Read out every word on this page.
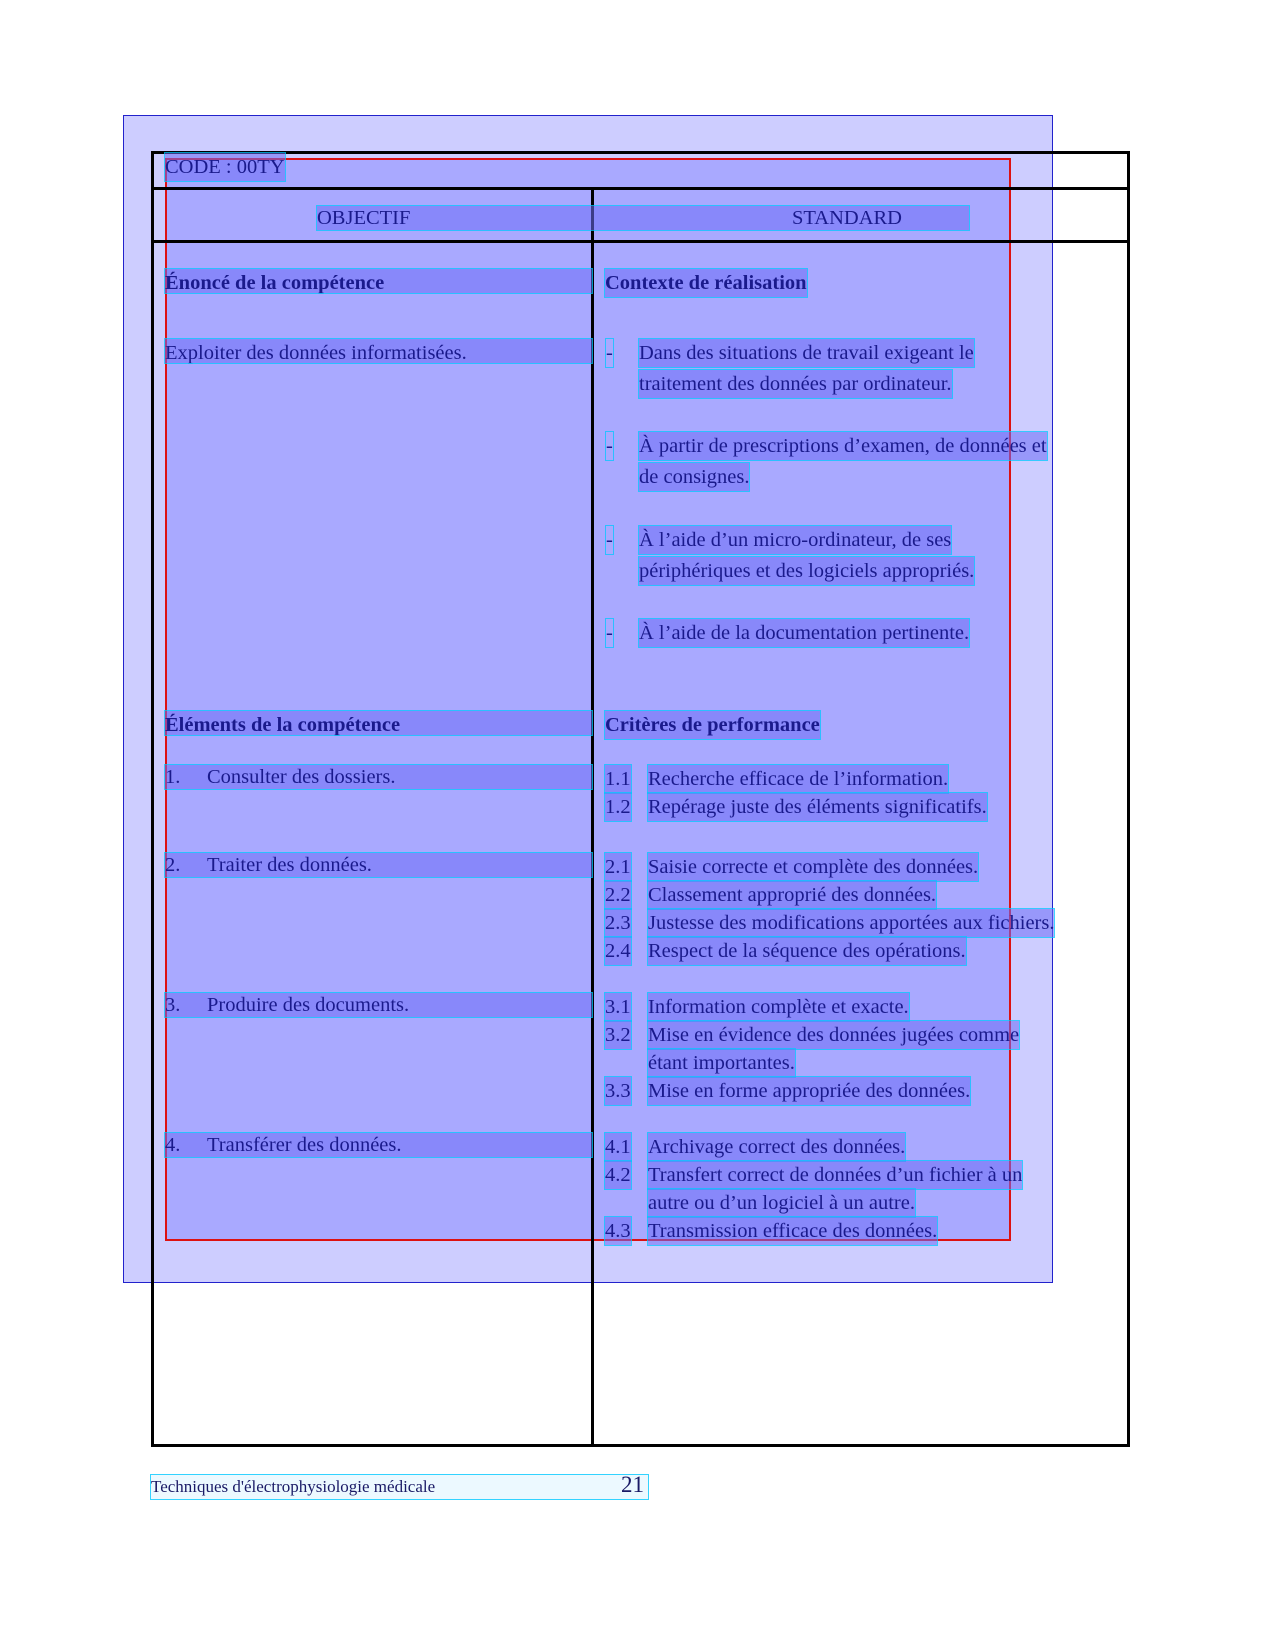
CODE : 00TY
OBJECTIF	STANDARD
Énoncé de la compétence
Exploiter des données informatisées.
Contexte de réalisation
- Dans des situations de travail exigeant le
traitement des données par ordinateur.
- À partir de prescriptions d’examen, de données et
de consignes.
- À l’aide d’un micro-ordinateur, de ses
périphériques et des logiciels appropriés.
- À l’aide de la documentation pertinente.
Éléments de la compétence
1. Consulter des dossiers.
2. Traiter des données.
3. Produire des documents.
4. Transférer des données.
Critères de performance
1.1 Recherche efficace de l’information.
1.2 Repérage juste des éléments significatifs.
2.1 Saisie correcte et complète des données.
2.2 Classement approprié des données.
2.3 Justesse des modifications apportées aux fichiers.
2.4 Respect de la séquence des opérations.
3.1 Information complète et exacte.
3.2 Mise en évidence des données jugées comme
étant importantes.
3.3 Mise en forme appropriée des données.
4.1 Archivage correct des données.
4.2 Transfert correct de données d’un fichier à un
autre ou d’un logiciel à un autre.
4.3 Transmission efficace des données.
Techniques d'électrophysiologie médicale	21
